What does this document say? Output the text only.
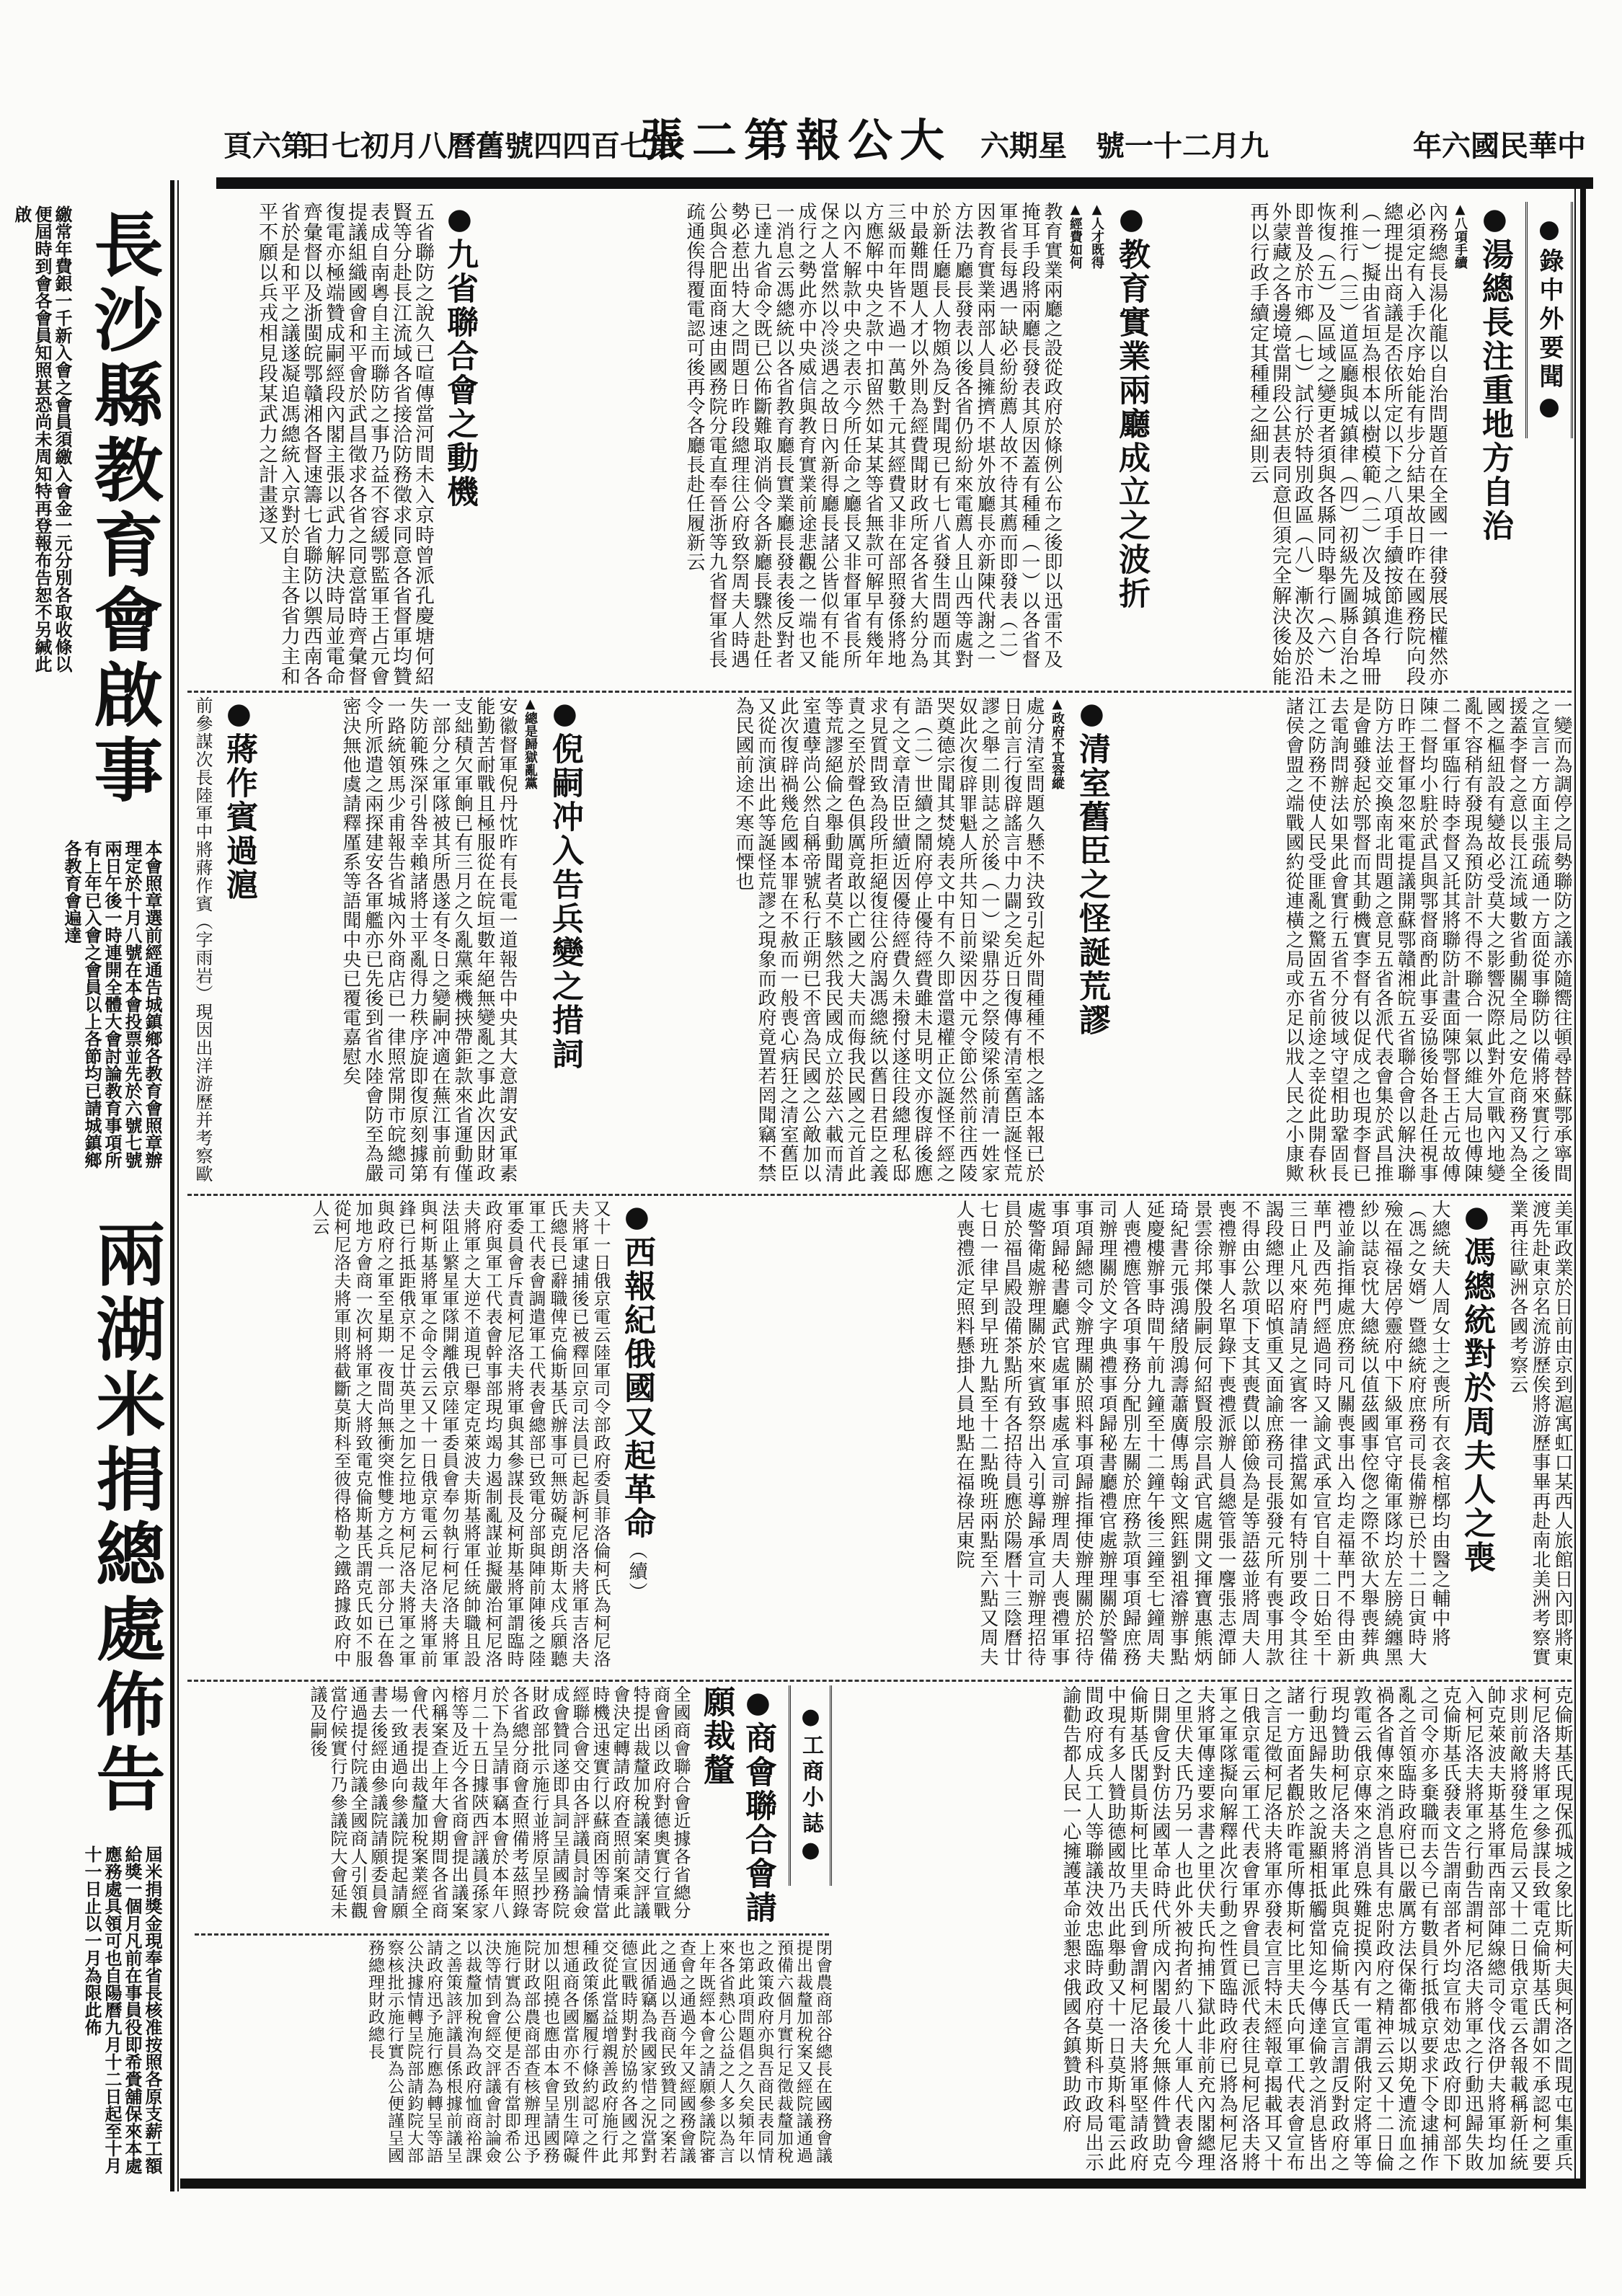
中華民國六年
九月二十一號
星期六
大公報第二張
第七百四四號
舊曆八月初七日
第六頁
長沙縣教育會啟事

繳常年費銀一千新入會之會員須繳入會金一元分別各取收條以便屆時到會各會員知照甚恐尚未周知特再登報布告恕不另緘此啟

本會照章選前經通告城鎮鄉各教育會照章辦理定於十月八號在本會投票並先於六號七號兩日午後一時連開全體大會討論教育事項所有上年已入會之會員以上各節均已請城鎮鄉各教育會遍達

兩湖米捐總處佈告

屆米捐獎金現奉省長核准按照各原支薪工額給獎一個月凡前在事員役即希賫舖保來本處應務處具領可也自陽曆九月十二日起至十月十一日止以一月為限此佈

●錄中外要聞●
●湯總長注重地方自治
▲八項手續

內務總長湯化龍以自治問題首在全國一律發展民權然亦必須定有入手次序始能有步分結果故日昨在國務院向段總理提出商議是否依所定以下之八項手續按節進行（一）擬由省垣為根本以樹模範（二）次及城鎮各埠冊利推行（三）道區廳與城鎮律（四）初級先圖縣自治之恢復（五）及區域之變更者須與各縣同時舉行（六）未即普及於市鄉（七）試行於特別政區（八）漸次及於沿外蒙藏之各邊境當開段公甚表同意但須完全解決後始能再以行政手續定其種種之細則云

●教育實業兩廳成立之波折
▲人才既得
▲經費如何

教育實業兩廳之設從政府於條例公布之後即以迅雷不及掩耳手段將兩廳長發表其原因蓋有種種（一）以各省督軍省長每遇一缺必紛紛薦人故不待其薦而即發表（二）因教育實業兩部人員擁擠不堪外放廳長亦新陳代謝之一方法乃廳長發表以後各省仍紛紛來電薦人且山西等處對於新任廳長人物頗為反對聞現已有七八省發生問題而其中最難問題人才以外則為經費聞財政所定各省大約分為三級而年皆不過一萬數千元其經費又非在部照發係將地方應解中央之款中扣留然如某某等省無款可解早有幾年以內不解款中央之表示今所任命之廳長又非督軍省長所保之人當然以冷淡遇之故日內新得廳長諸公皆似有不能成行之勢此亦中央威信與教育實業前途悲觀之一端也又一消息云馮總統以各省教育廳長實業廳長發表後反對者已達九省命令既已公佈斷難取消倘令各新廳長驟然赴任勢必惹出特大之問題日昨段總理往公府致祭周夫人時遇公與合肥面商速由國務院分電直奉晉浙等九省督軍省長疏通俟得覆電認可後再令各廳長赴任履新云

●九省聯合會之動機

五省聯防之說久已喧傳當河間未入京時曾派孔慶塘何紹賢等分赴長江流域各省接洽防務徵求同意各省督軍均贊表成自南粵自主而聯防之事乃益不容緩鄂監軍王占元會提議組織國會和平會於武昌徵求各省之同意當時齊彙督復電亦極端贊成嗣經段內閣主張以武力解決時局並電命齊彙督以及浙閩皖鄂贛湘各督速籌七省聯防以禦西南各省於是和平之議遂凝追馮總統入京對於自主各省力主和平不願以兵戎相見段某武力之計畫遂又

一變而為調停之局勢聯防之議亦隨嚮往頓尋替蘇鄂承寧間之宣言一方面主張疏通一方面從事聯防以備將來實行之後援蓋李督之意以長江流域數省動關全局之安危商務又為全國之樞紐設有變故必受莫大之影響況際此對外宣戰內地變亂不容稍有發現為預防計不得不聯合一氣以維大局也傅陳二督軍臨行時李督又託其將聯防計畫面陳鄂督王占元故傅陳二督均小駐於武昌與鄂督商酌此事妥協後始各赴任視事日昨王督軍忽來電提議開蘇鄂贛湘皖五省聯合會以解決聯防方法並交換南北問題之意見五省各派代表會集於武昌推是會雖發起於鄂督而其動機實李督有以促成之也現李督已去電詢問辦法如果此會實行五省不分彼域守望相助鞏固長江之防務不使人民受匪亂之驚固五省前途之幸從此開春秋諸侯會盟之端戰國約從連橫之局或亦足以戕人民之小康歟

●清室舊臣之怪誕荒謬
▲政府不宜容縱

處分清室問題久懸不決致引起外間種種不根之謠本報已於日前言行復辟謠言中力闢之矣近日復傳有清室舊臣誕怪荒謬之舉二則誌之於後（一）梁鼎芬之祭陵梁係前清一姓家奴此次復辟罪魁人所共知日前梁因中元令節公然前往西陵哭奠德宗聞其焚燒表文中有不久即當還權正位誕怪不經之語（二）世續之鬧府停止優待經費雖未見明文亦復辟後應有之文章清臣世續近因優待經費久未撥付遂往段總理私邸求見質問致為段所拒絕復往公府謁馮總統以舊日君臣之義責之至於聲色俱厲竟敢以亡國之大夫而侮我民國之元首此等荒謬絕倫之舉動聞者莫不駭然我民國成立於茲六載而清室遺孽尚公然自稱帝號私行正朔已不啻為民國之公敵加以此次復辟禍幾危國本罪在不赦而一般喪心病狂之清室舊臣又從而演出此等誕怪荒謬之現象而政府竟置若罔聞竊不禁為民國前途不寒而慄也

●倪嗣冲入告兵變之措詞
▲總是歸獄亂黨

安徽督軍倪丹忱昨有長電一道報告中央其大意謂安武軍素能勤苦耐戰且極服從在皖垣數年絕無變亂之事此次因財政支絀積欠軍餉已有三月之久亂黨乘機挾帶鉅款來省運動僅一部分之軍隊被其所愚遂有冬日之變嗣冲適在蕪江事前有失防範殊深引咎幸賴諸將士平亂得力秩序旋即復原刻據第一路統領馬少甫報告省城內外商店已一律照常開市皖總司令所派遣之兩探建安各軍艦亦已先後到省水陸會防至為嚴密決無他虞請釋厪系等語聞中央已覆電嘉慰矣

●蔣作賓過滬

前參謀次長陸軍中將蔣作賓（字雨岩）現因出洋游歷并考察歐

美軍政業於日前由京到滬寓虹口某西人旅館日內即將東渡先赴東京名流游歷俟將游歷事畢再赴南北美洲考察實業再往歐洲各國考察云

●馮總統對於周夫人之喪

大總統夫人周女士之喪所有衣衾棺槨均由醫之輔中將（馮之女婿）暨總統府庶務司長備辦已於十二日寅時大殮在福祿居停靈府中下級軍官守衛軍隊均於左膀繞纏黑紗以誌哀忱大總統以值茲國事倥偬之際不欲大舉喪葬典禮並諭指揮處庶務司凡關喪事出入均走福華門不得由新華門及西苑門經過同時又諭文武承宣官自十二日始至十三日止凡來府請見之賓客一律擋駕如有特別要政令其往謁段總理以昭慎重又面諭庶務司長張發元所有喪事用款不得由公款項下支其喪費以節儉為是等語茲並將周夫人喪禮辦事人名單錄下喪禮派辦人員總管張一麐張志潭師景雲徐邦傑殷嗣辰何紹賢殷宗昌武官處開文揮寶惠熊炳琦紀書元張鴻緒殷鴻壽蕭廣傳馬翰文熙鈺劉祖濬辦事點延慶樓辦事時間午前九鐘至十二鐘午後三鐘至七鐘周夫人喪禮應管各項事務分配別左關於庶務款項事項歸庶務司辦理關於文字典禮事項歸秘書廳禮官處辦理關於警備事項歸總司令辦理關於照料事項歸指揮使辦理關於招待事項歸秘書廳武官處軍事處承宣司辦理周夫人喪禮軍事處警衛處辦理關於來賓致祭出入引導歸承宣司辦理招待員於福昌殿設備茶點所有各招待員應於陽曆十三陰曆廿七日一律早到早班九點至十二點晚班兩點至六點又周夫人喪禮派定照料懸掛人員地點在福祿居東院

●西報紀俄國又起革命（續）

又十一日俄京電云陸軍司令部政府委員菲洛倫柯氏為柯尼洛夫將軍逮捕後已被釋回京司法員已起訴柯尼洛夫將軍吉洛夫氏總長已辭職俾克倫斯基氏辦事可無妨礙克朗斯太戍兵願聽軍工代表會調遣軍工代表會總部已致電分部與陣前陣後之陸軍委員會斥責柯尼洛夫將軍與其參謀長及柯斯基將軍謂臨時政府與軍工代表會幹事部現均竭力遏制亂謀並擬嚴治柯尼洛夫將軍之大逆不道現已舉定克萊波夫斯基將軍任統帥職且設法阻止繁星軍隊開離俄京陸軍委員會奉勿執行柯尼洛夫將軍與柯斯基將軍之命令云云又十一日俄京電云柯尼洛夫將軍前鋒已行抵距俄京不足廿英里之加乞拉地方柯尼洛夫將軍之軍與政府之軍至星期一夜間尚無衝突惟雙方之兵一部分已在魯加地方會商一次柯將軍之大將致電克倫斯基氏謂克氏如不服從柯尼洛夫將軍則將截斷莫斯科至彼得格勒之鐵路據政府中人云

克倫斯基氏現保孤城之象比斯柯夫與柯洛之間現屯集重兵柯尼洛夫將軍之參謀長致電克倫斯基氏謂如不承認柯之要求則前敵將發生危局云又十二日俄京電云各報載稱新任統帥克萊波夫斯基將軍西南部陣線總司令伐洛伊夫將軍均加入柯尼洛夫將軍之行動告謂柯尼洛夫將軍之行動迅歸失敗克倫斯基氏發表文告謂南部者外均宣布効忠政府即柯部下之司令亦多棄職而去今已有數員行抵俄京要求下令逮捕作亂之首領臨時政府已以嚴厲方法保衛都城以期免遭流血之禍各省傳來之消息皆具有忠附政府之精神云云又十二日倫敦電云俄京傳來之消息殊難捉摸內有一電謂俄附定將軍等現均贊助柯尼洛夫將軍此與克倫斯基氏宣言謂反對政府之行動迅歸失敗之說顯相抵觸當知迄今傳達倫敦之消息皆出諸一方面者觀於昨電所傳斯柯比里夫氏向軍工代表會宣布之言足徵柯尼洛夫將軍亦發表宣言特未經報章揭載耳又十日俄京電云軍工代表會軍界會員已派代表往見柯尼洛夫將軍之軍隊擬向解釋此次行動之性質臨時政府已將為柯尼洛夫將軍傳達要求書之里伏夫氏拘捕下獄此非前充內閣總理之里伏夫氏乃另一人也此外被拘者約八十人軍人代表會今日開會反對仿法國革命時代所成內閣最後允無條件贊助克倫斯基氏閣員斯柯比里夫氏到會謂柯尼洛夫將軍堅請政府中現有多人贊助德國故乃出此舉動又十一日莫斯科電云此間政府成兵工人等聯議決效忠臨時政府莫斯科市政局出示諭勸告都人民一心擁護革命並懇求俄國各鎮贊助政府

●工商小誌●
●商會聯合會請願裁釐

全國商會聯合會近據各省總分商會函以政府對德奧實行宣戰特提出裁釐加稅議案請交評議會決定轉請政府查照前案乘此時機迅速實行以蘇商困等情當經聯合會交由各評議員討論僉成會贊同遂即具詞呈請國務院財政部批示施行並將原呈抄寄各省總分商會查照備考茲照錄於下為呈請事竊本會於本年八月二十五日據陝西評議員孫家榕等及近今各省商會提出議案內稱案查上年大會期間各省商會代表提出裁釐加稅案業經全場一致通過向參議院提起請願書去後經由參議院請願委員會通過提付院議全國商人引領觀當佇候實行乃參議院大會延未議及嗣後

閉會農商部谷總長在國務會議提出裁釐加稅案又經院議通過預備六個月實行足徵裁釐加稅之政策政府亦與吾商民表同情也第此項問題倡之久矣頻年以來各省熱心公益之人多以為言上年既經本會之請願參議院審查會之通過今年又經國務會議之通過以吾商民致贊同之案若此因循竊為我國家惜之況當對德宣戰時期對於協約各國之邦交從此當益增親善政府施行此種政策係屬履行條約認可之件想通商各國當亦不致別生障礙加以阻撓也應由本會呈請國務院財政部農商部查核辦理迅予施行實為公便是否有當即希公決等情到會經交評議會討論僉以裁釐加稅洵為政府恤商裕課之善策該評議員係根據前議呈請政府迅予施行應為轉呈等語公決據情轉呈院部請鈞院大部察核批示施行實為公便謹呈國務總理財政總長
